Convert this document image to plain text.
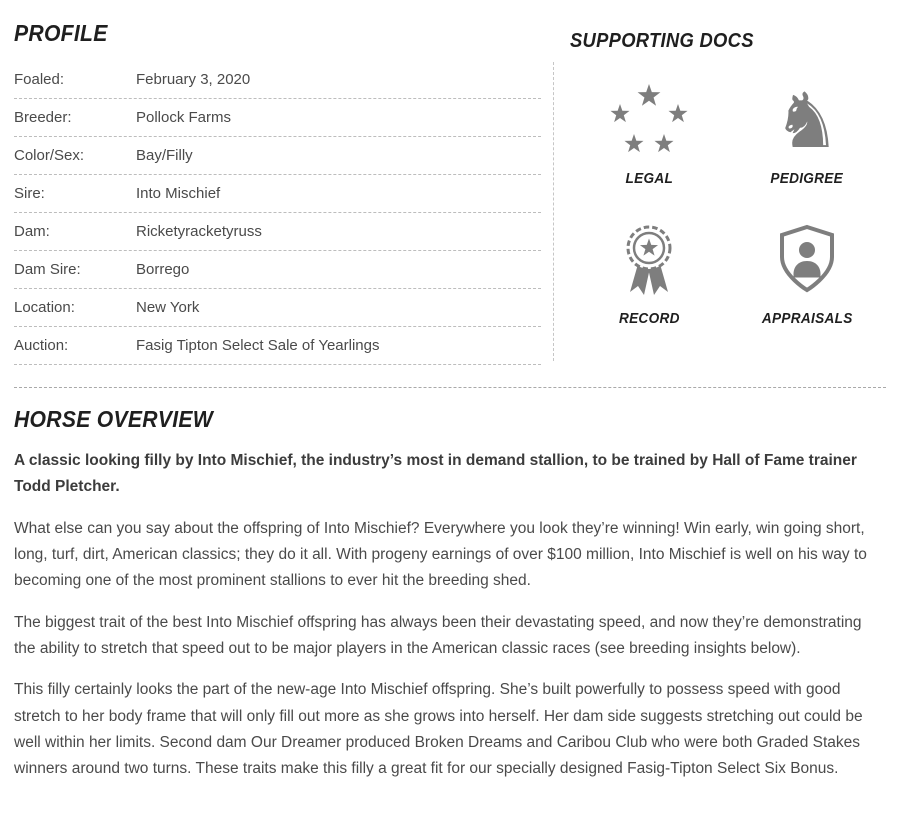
PROFILE
Foaled:	February 3, 2020
Breeder:	Pollock Farms
Color/Sex:	Bay/Filly
Sire:	Into Mischief
Dam:	Ricketyracketyruss
Dam Sire:	Borrego
Location:	New York
Auction:	Fasig Tipton Select Sale of Yearlings
SUPPORTING DOCS
LEGAL
♞
PEDIGREE
RECORD	APPRAISALS
HORSE OVERVIEW

A classic looking filly by Into Mischief, the industry’s most in demand stallion, to be trained by Hall of Fame trainer Todd Pletcher.

What else can you say about the offspring of Into Mischief? Everywhere you look they’re winning! Win early, win going short, long, turf, dirt, American classics; they do it all. With progeny earnings of over $100 million, Into Mischief is well on his way to becoming one of the most prominent stallions to ever hit the breeding shed.

The biggest trait of the best Into Mischief offspring has always been their devastating speed, and now they’re demonstrating the ability to stretch that speed out to be major players in the American classic races (see breeding insights below).

This filly certainly looks the part of the new-age Into Mischief offspring. She’s built powerfully to possess speed with good stretch to her body frame that will only fill out more as she grows into herself. Her dam side suggests stretching out could be well within her limits. Second dam Our Dreamer produced Broken Dreams and Caribou Club who were both Graded Stakes winners around two turns. These traits make this filly a great fit for our specially designed Fasig-Tipton Select Six Bonus.
